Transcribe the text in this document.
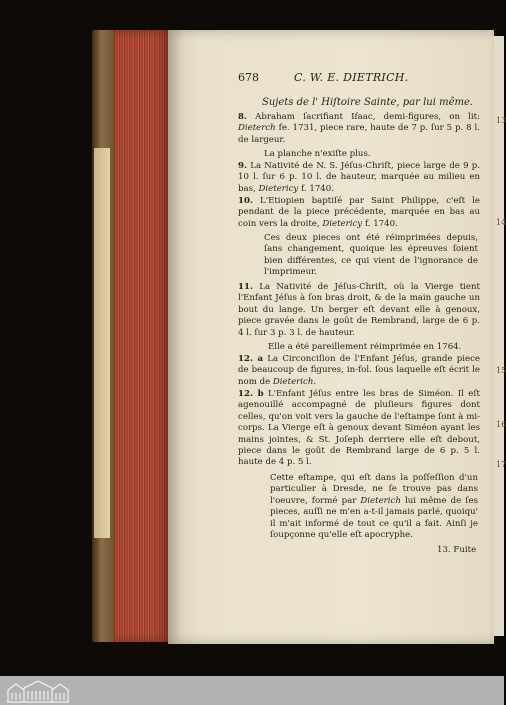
13
14
15
16
17
678	C. W. E. DIETRICH.
Sujets de l' Hiſtoire Sainte, par lui même.
8. Abraham ſacrifiant Iſaac, demi-figures, on lit: Dieterch fe. 1731, piece rare, haute de 7 p. ſur 5 p. 8 l. de largeur.
La planche n'exiſte plus.
9. La Nativité de N. S. Jéſus-Chriſt, piece large de 9 p. 10 l. ſur 6 p. 10 l. de hauteur, marquée au milieu en bas, Dietericy f. 1740.
10. L'Etiopien baptiſé par Saint Philippe, c'eſt le pendant de la piece précédente, marquée en bas au coin vers la droite, Dietericy f. 1740.
Ces deux pieces ont été réimprimées depuis, ſans changement, quoique les épreuves ſoient bien différentes, ce qui vient de l'ignorance de l'imprimeur.
11. La Nativité de Jéſus-Chriſt, où la Vierge tient l'Enfant Jéſus à ſon bras droit, & de la main gauche un bout du lange. Un berger eſt devant elle à genoux, piece gravée dans le goût de Rembrand, large de 6 p. 4 l. ſur 3 p. 3 l. de hauteur.
Elle a été pareillement réimprimée en 1764.
12. a La Circonciſion de l'Enfant Jéſus, grande piece de beaucoup de figures, in-fol. ſous laquelle eſt écrit le nom de Dieterich.
12. b L'Enfant Jéſus entre les bras de Siméon. Il eſt agenouillé accompagné de pluſieurs figures dont celles, qu'on voit vers la gauche de l'eſtampe ſont à mi-corps. La Vierge eſt à genoux devant Siméon ayant les mains jointes, & St. Joſeph derriere elle eſt debout, piece dans le goût de Rembrand large de 6 p. 5 l. haute de 4 p. 5 l.
Cette eſtampe, qui eſt dans la poſſeſſion d'un particulier à Dresde, ne ſe trouve pas dans l'oeuvre, formé par Dieterich lui même de ſes pieces, auſſi ne m'en a-t-il jamais parlé, quoiqu' il m'ait informé de tout ce qu'il a fait. Ainſi je ſoupçonne qu'elle eſt apocryphe.
13. Fuite
